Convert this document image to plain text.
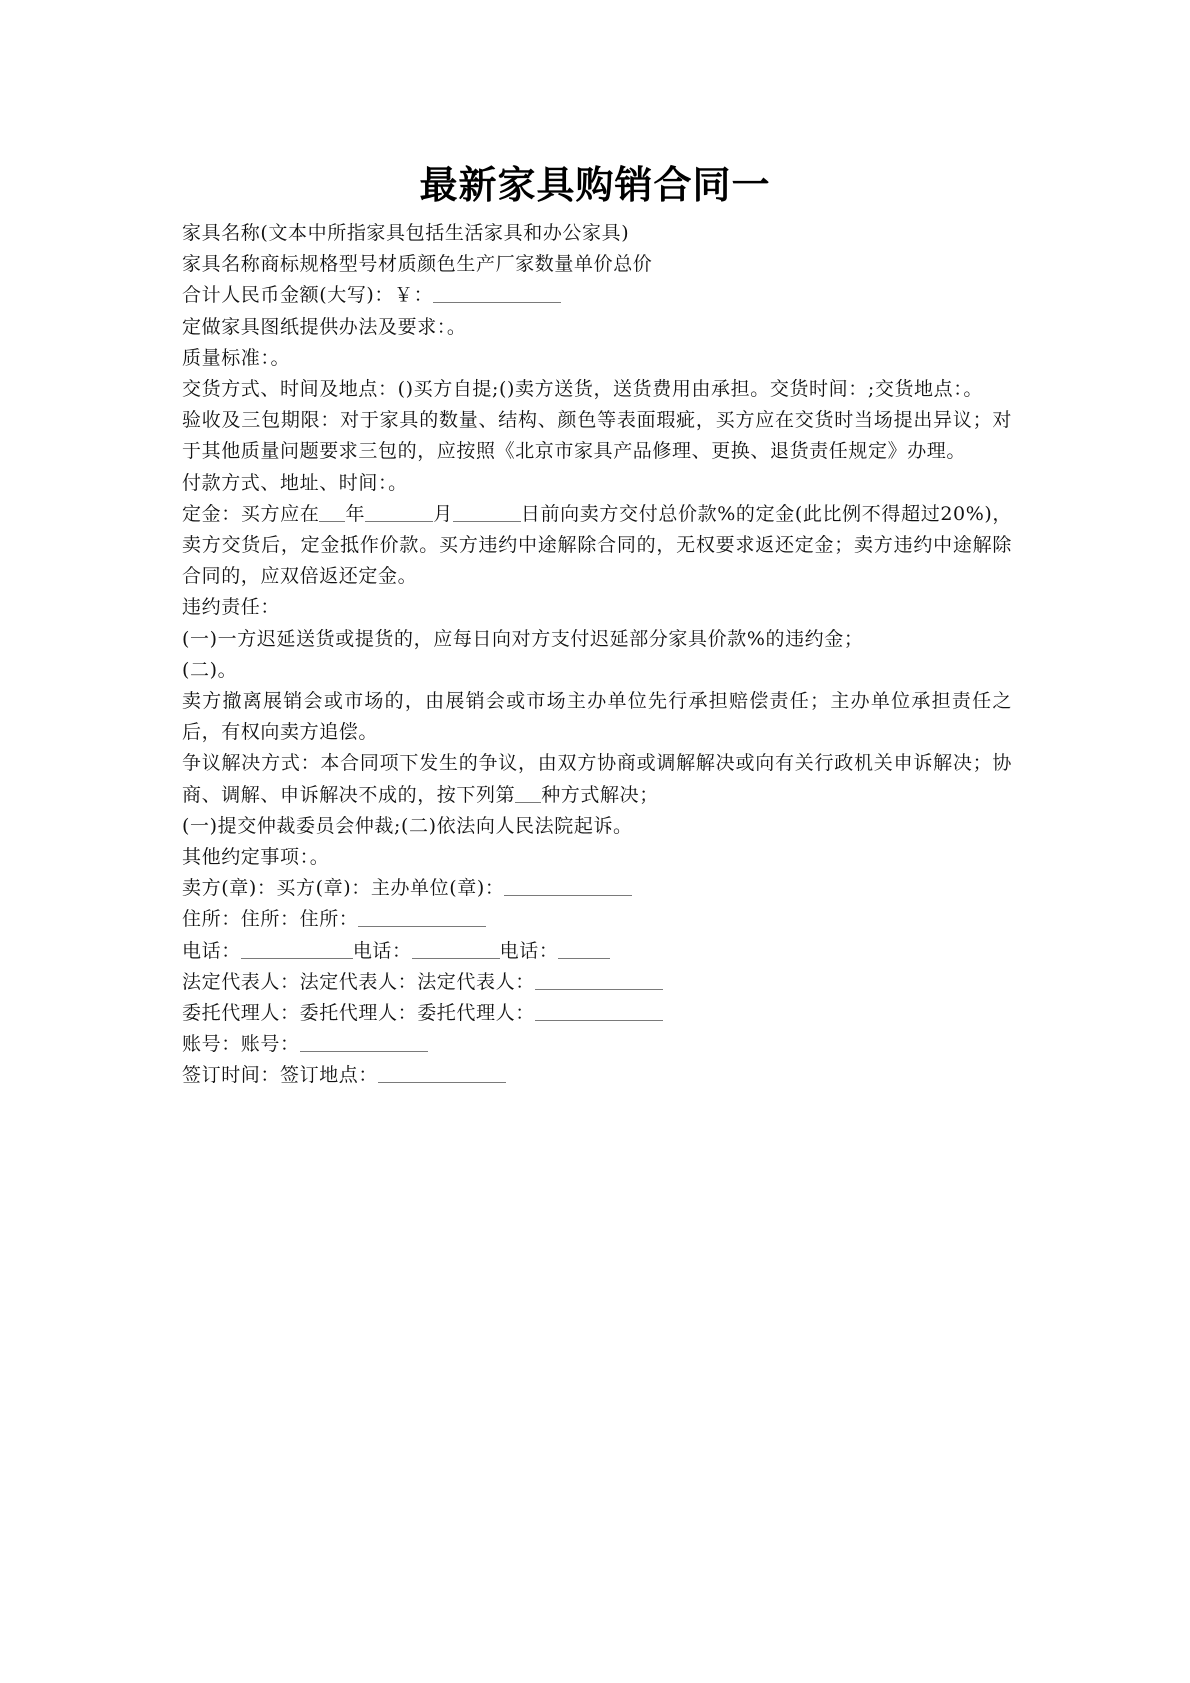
最新家具购销合同一

家具名称(文本中所指家具包括生活家具和办公家具)

家具名称商标规格型号材质颜色生产厂家数量单价总价

合计人民币金额(大写)：￥：

定做家具图纸提供办法及要求：。

质量标准：。

交货方式、时间及地点：()买方自提;()卖方送货，送货费用由承担。交货时间：;交货地点：。

验收及三包期限：对于家具的数量、结构、颜色等表面瑕疵，买方应在交货时当场提出异议；对于其他质量问题要求三包的，应按照《北京市家具产品修理、更换、退货责任规定》办理。

付款方式、地址、时间：。

定金：买方应在 年	月	日前向卖方交付总价款%的定金(此比例不得超过20%)，卖方交货后，定金抵作价款。买方违约中途解除合同的，无权要求返还定金；卖方违约中途解除合同的，应双倍返还定金。

违约责任：

(一)一方迟延送货或提货的，应每日向对方支付迟延部分家具价款%的违约金；

(二)。

卖方撤离展销会或市场的，由展销会或市场主办单位先行承担赔偿责任；主办单位承担责任之后，有权向卖方追偿。

争议解决方式：本合同项下发生的争议，由双方协商或调解解决或向有关行政机关申诉解决；协商、调解、申诉解决不成的，按下列第 种方式解决；

(一)提交仲裁委员会仲裁;(二)依法向人民法院起诉。

其他约定事项：。

卖方(章)：买方(章)：主办单位(章)：

住所：住所：住所：

电话：	电话：	电话：

法定代表人：法定代表人：法定代表人：

委托代理人：委托代理人：委托代理人：

账号：账号：

签订时间：签订地点：
